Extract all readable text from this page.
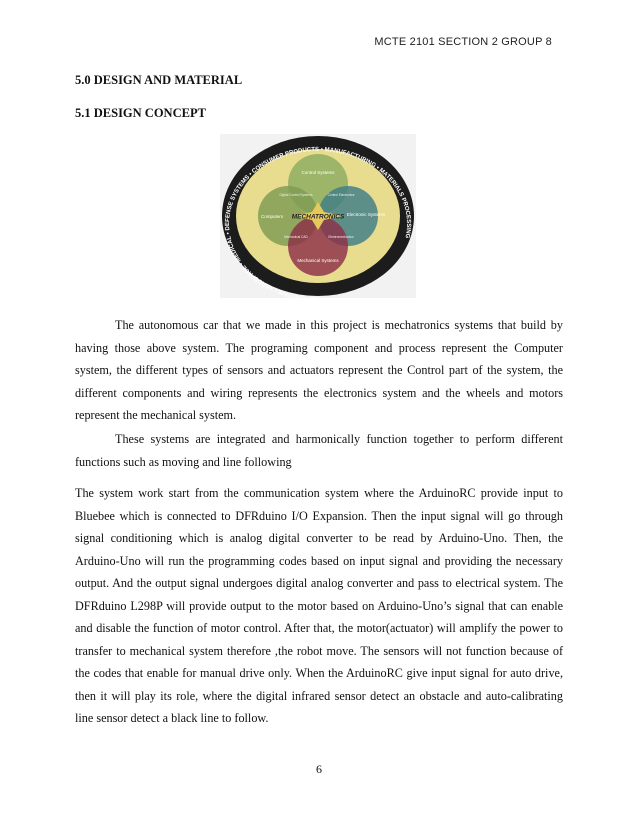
MCTE 2101 SECTION 2 GROUP 8
5.0 DESIGN AND MATERIAL
5.1 DESIGN CONCEPT
AUTOMOTIVE • AEROSPACE • MEDICAL • DEFENSE SYSTEMS • CONSUMER PRODUCTS • MANUFACTURING • MATERIALS PROCESSING
MECHATRONICS
Control Systems
Computers	Electronic Systems
Mechanical Systems
Digital Control Systems	Control Electronics
Mechanical CAD	Electromechanics
The autonomous car that we made in this project is mechatronics systems that build by having those above system. The programing component and process represent the Computer system, the different types of sensors and actuators represent the Control part of the system, the different components and wiring represents the electronics system and the wheels and motors represent the mechanical system.
These systems are integrated and harmonically function together to perform different functions such as moving and line following
The system work start from the communication system where the ArduinoRC provide input to Bluebee which is connected to DFRduino I/O Expansion. Then the input signal will go through signal conditioning which is analog digital converter to be read by Arduino-Uno. Then, the Arduino-Uno will run the programming codes based on input signal and providing the necessary output. And the output signal undergoes digital analog converter and pass to electrical system. The DFRduino L298P will provide output to the motor based on Arduino-Uno’s signal that can enable and disable the function of motor control. After that, the motor(actuator) will amplify the power to transfer to mechanical system therefore ,the robot move. The sensors will not function because of the codes that enable for manual drive only. When the ArduinoRC give input signal for auto drive, then it will play its role, where the digital infrared sensor detect an obstacle and auto-calibrating line sensor detect a black line to follow.
6
